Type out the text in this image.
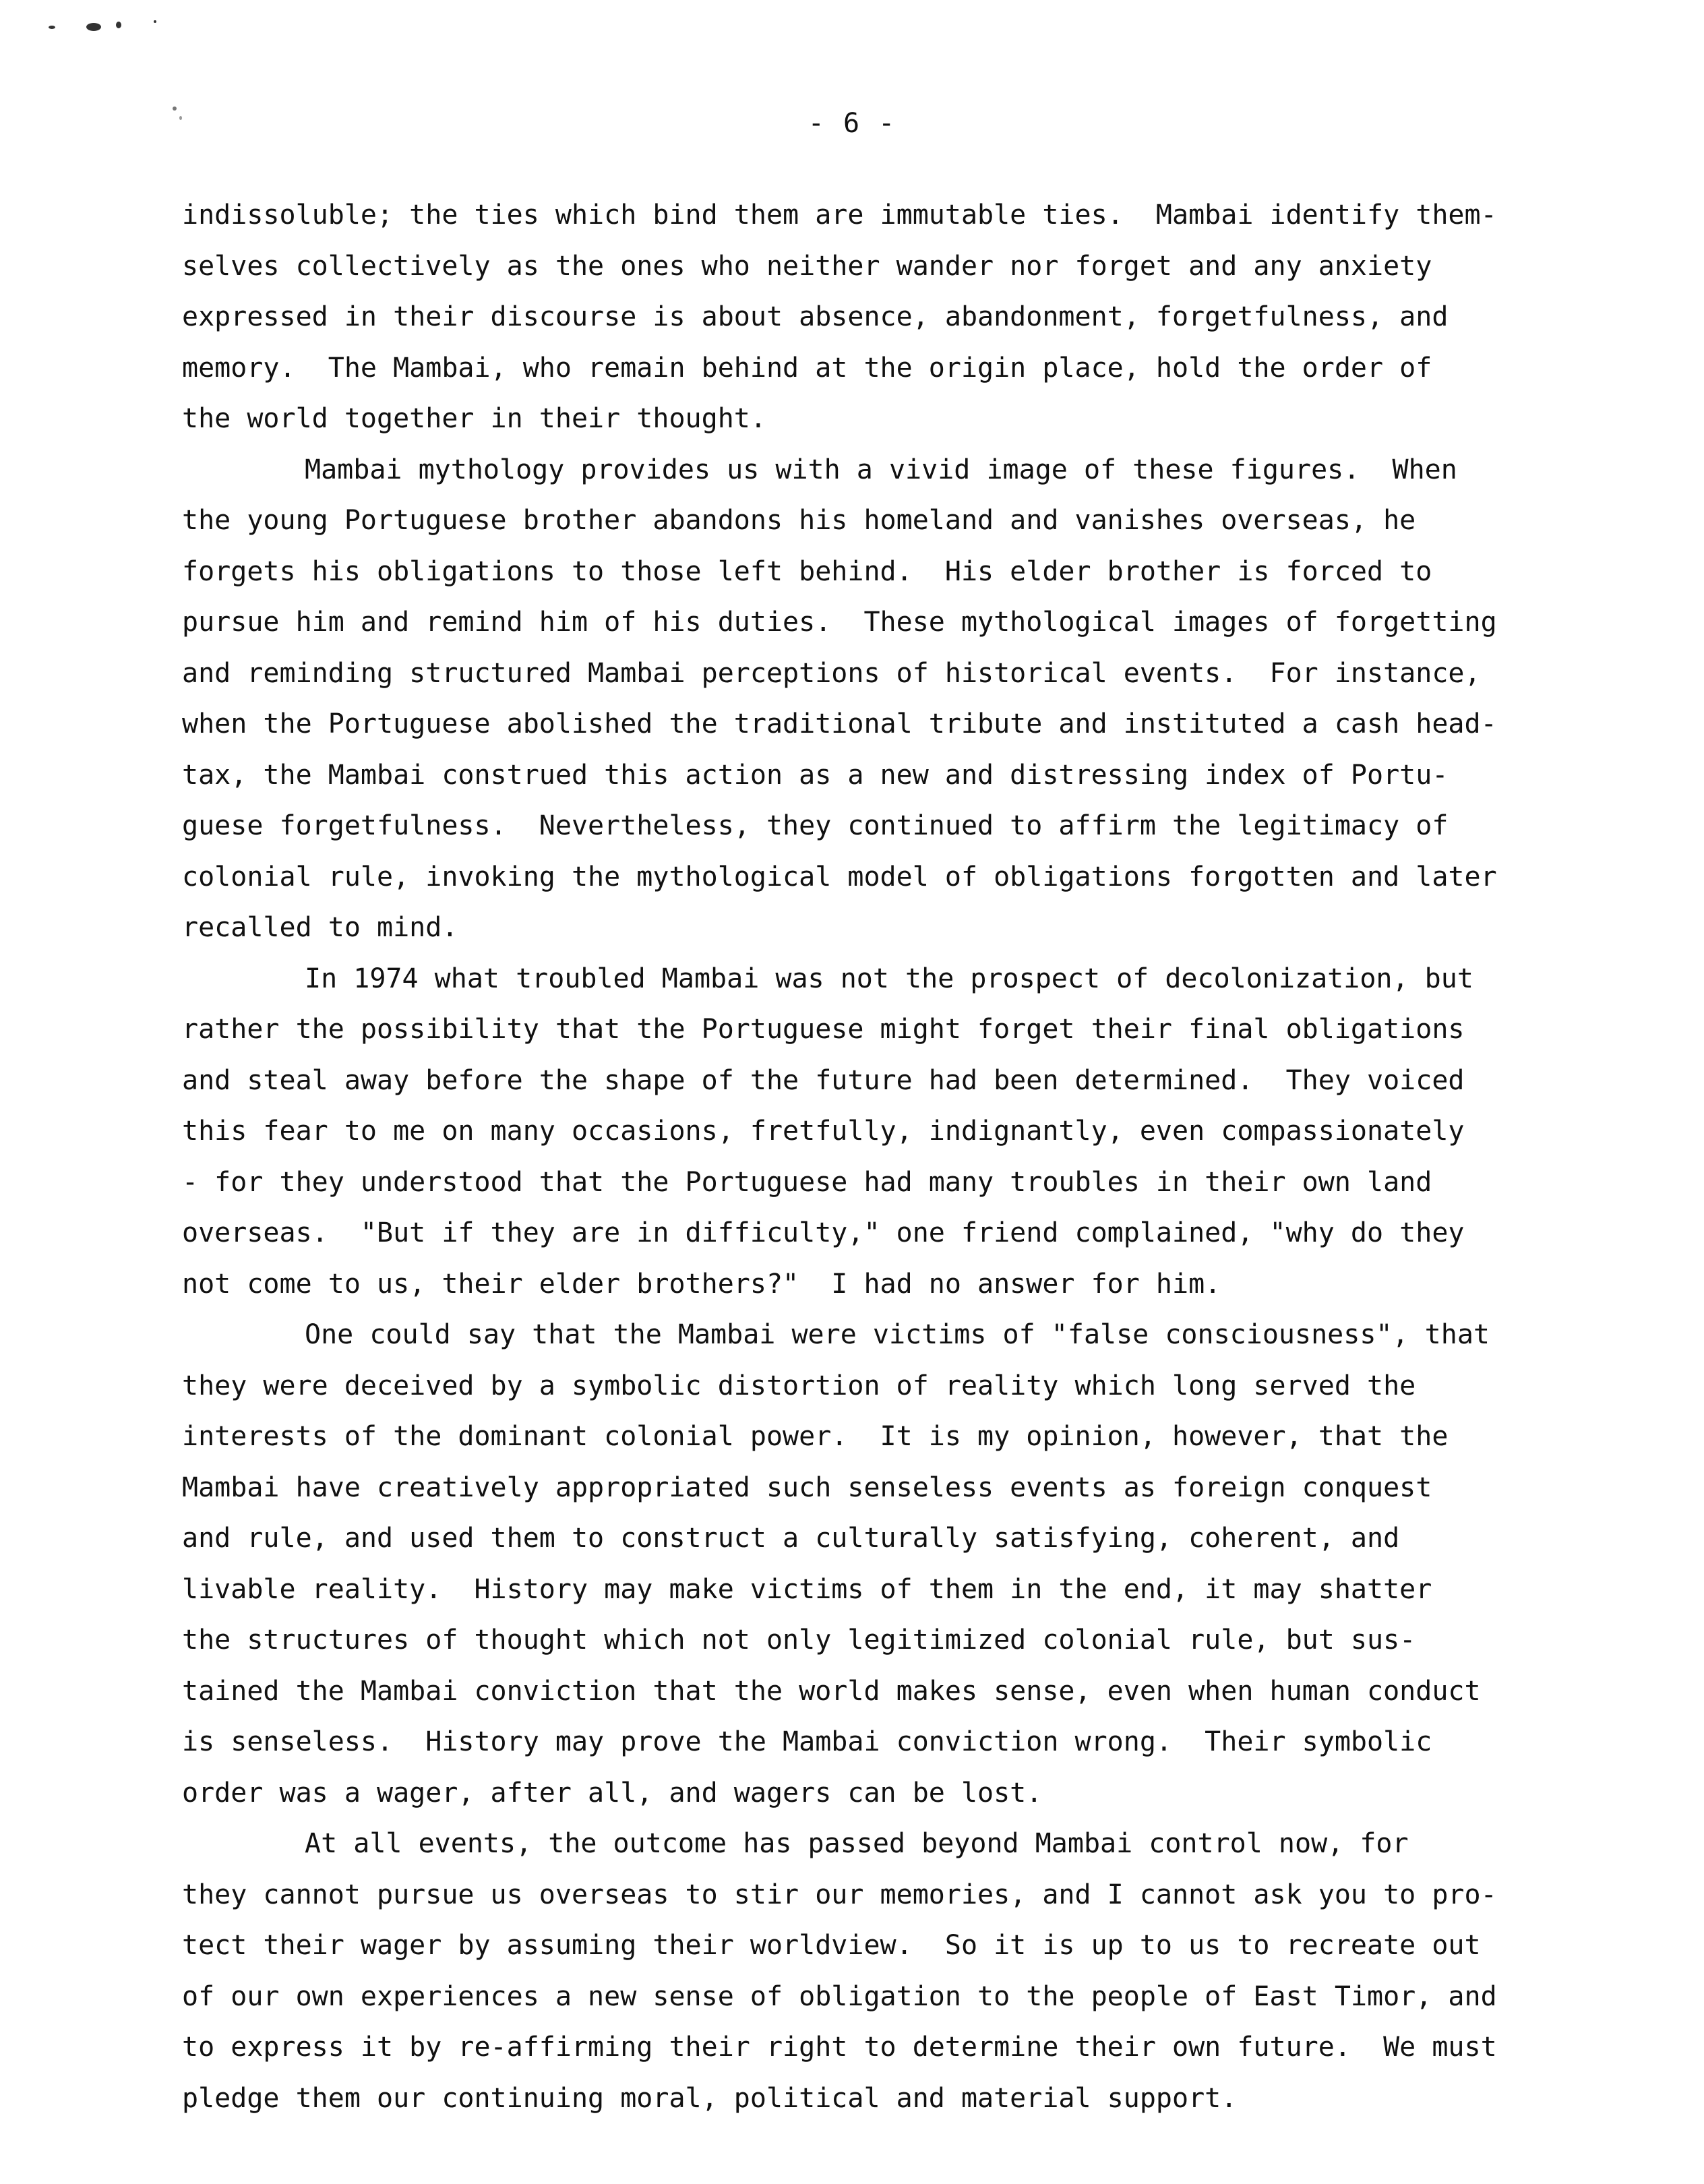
- 6 -
indissoluble; the ties which bind them are immutable ties.  Mambai identify them-
selves collectively as the ones who neither wander nor forget and any anxiety
expressed in their discourse is about absence, abandonment, forgetfulness, and
memory.  The Mambai, who remain behind at the origin place, hold the order of
the world together in their thought.
Mambai mythology provides us with a vivid image of these figures.  When
the young Portuguese brother abandons his homeland and vanishes overseas, he
forgets his obligations to those left behind.  His elder brother is forced to
pursue him and remind him of his duties.  These mythological images of forgetting
and reminding structured Mambai perceptions of historical events.  For instance,
when the Portuguese abolished the traditional tribute and instituted a cash head-
tax, the Mambai construed this action as a new and distressing index of Portu-
guese forgetfulness.  Nevertheless, they continued to affirm the legitimacy of
colonial rule, invoking the mythological model of obligations forgotten and later
recalled to mind.
In 1974 what troubled Mambai was not the prospect of decolonization, but
rather the possibility that the Portuguese might forget their final obligations
and steal away before the shape of the future had been determined.  They voiced
this fear to me on many occasions, fretfully, indignantly, even compassionately
- for they understood that the Portuguese had many troubles in their own land
overseas.  "But if they are in difficulty," one friend complained, "why do they
not come to us, their elder brothers?"  I had no answer for him.
One could say that the Mambai were victims of "false consciousness", that
they were deceived by a symbolic distortion of reality which long served the
interests of the dominant colonial power.  It is my opinion, however, that the
Mambai have creatively appropriated such senseless events as foreign conquest
and rule, and used them to construct a culturally satisfying, coherent, and
livable reality.  History may make victims of them in the end, it may shatter
the structures of thought which not only legitimized colonial rule, but sus-
tained the Mambai conviction that the world makes sense, even when human conduct
is senseless.  History may prove the Mambai conviction wrong.  Their symbolic
order was a wager, after all, and wagers can be lost.
At all events, the outcome has passed beyond Mambai control now, for
they cannot pursue us overseas to stir our memories, and I cannot ask you to pro-
tect their wager by assuming their worldview.  So it is up to us to recreate out
of our own experiences a new sense of obligation to the people of East Timor, and
to express it by re-affirming their right to determine their own future.  We must
pledge them our continuing moral, political and material support.
